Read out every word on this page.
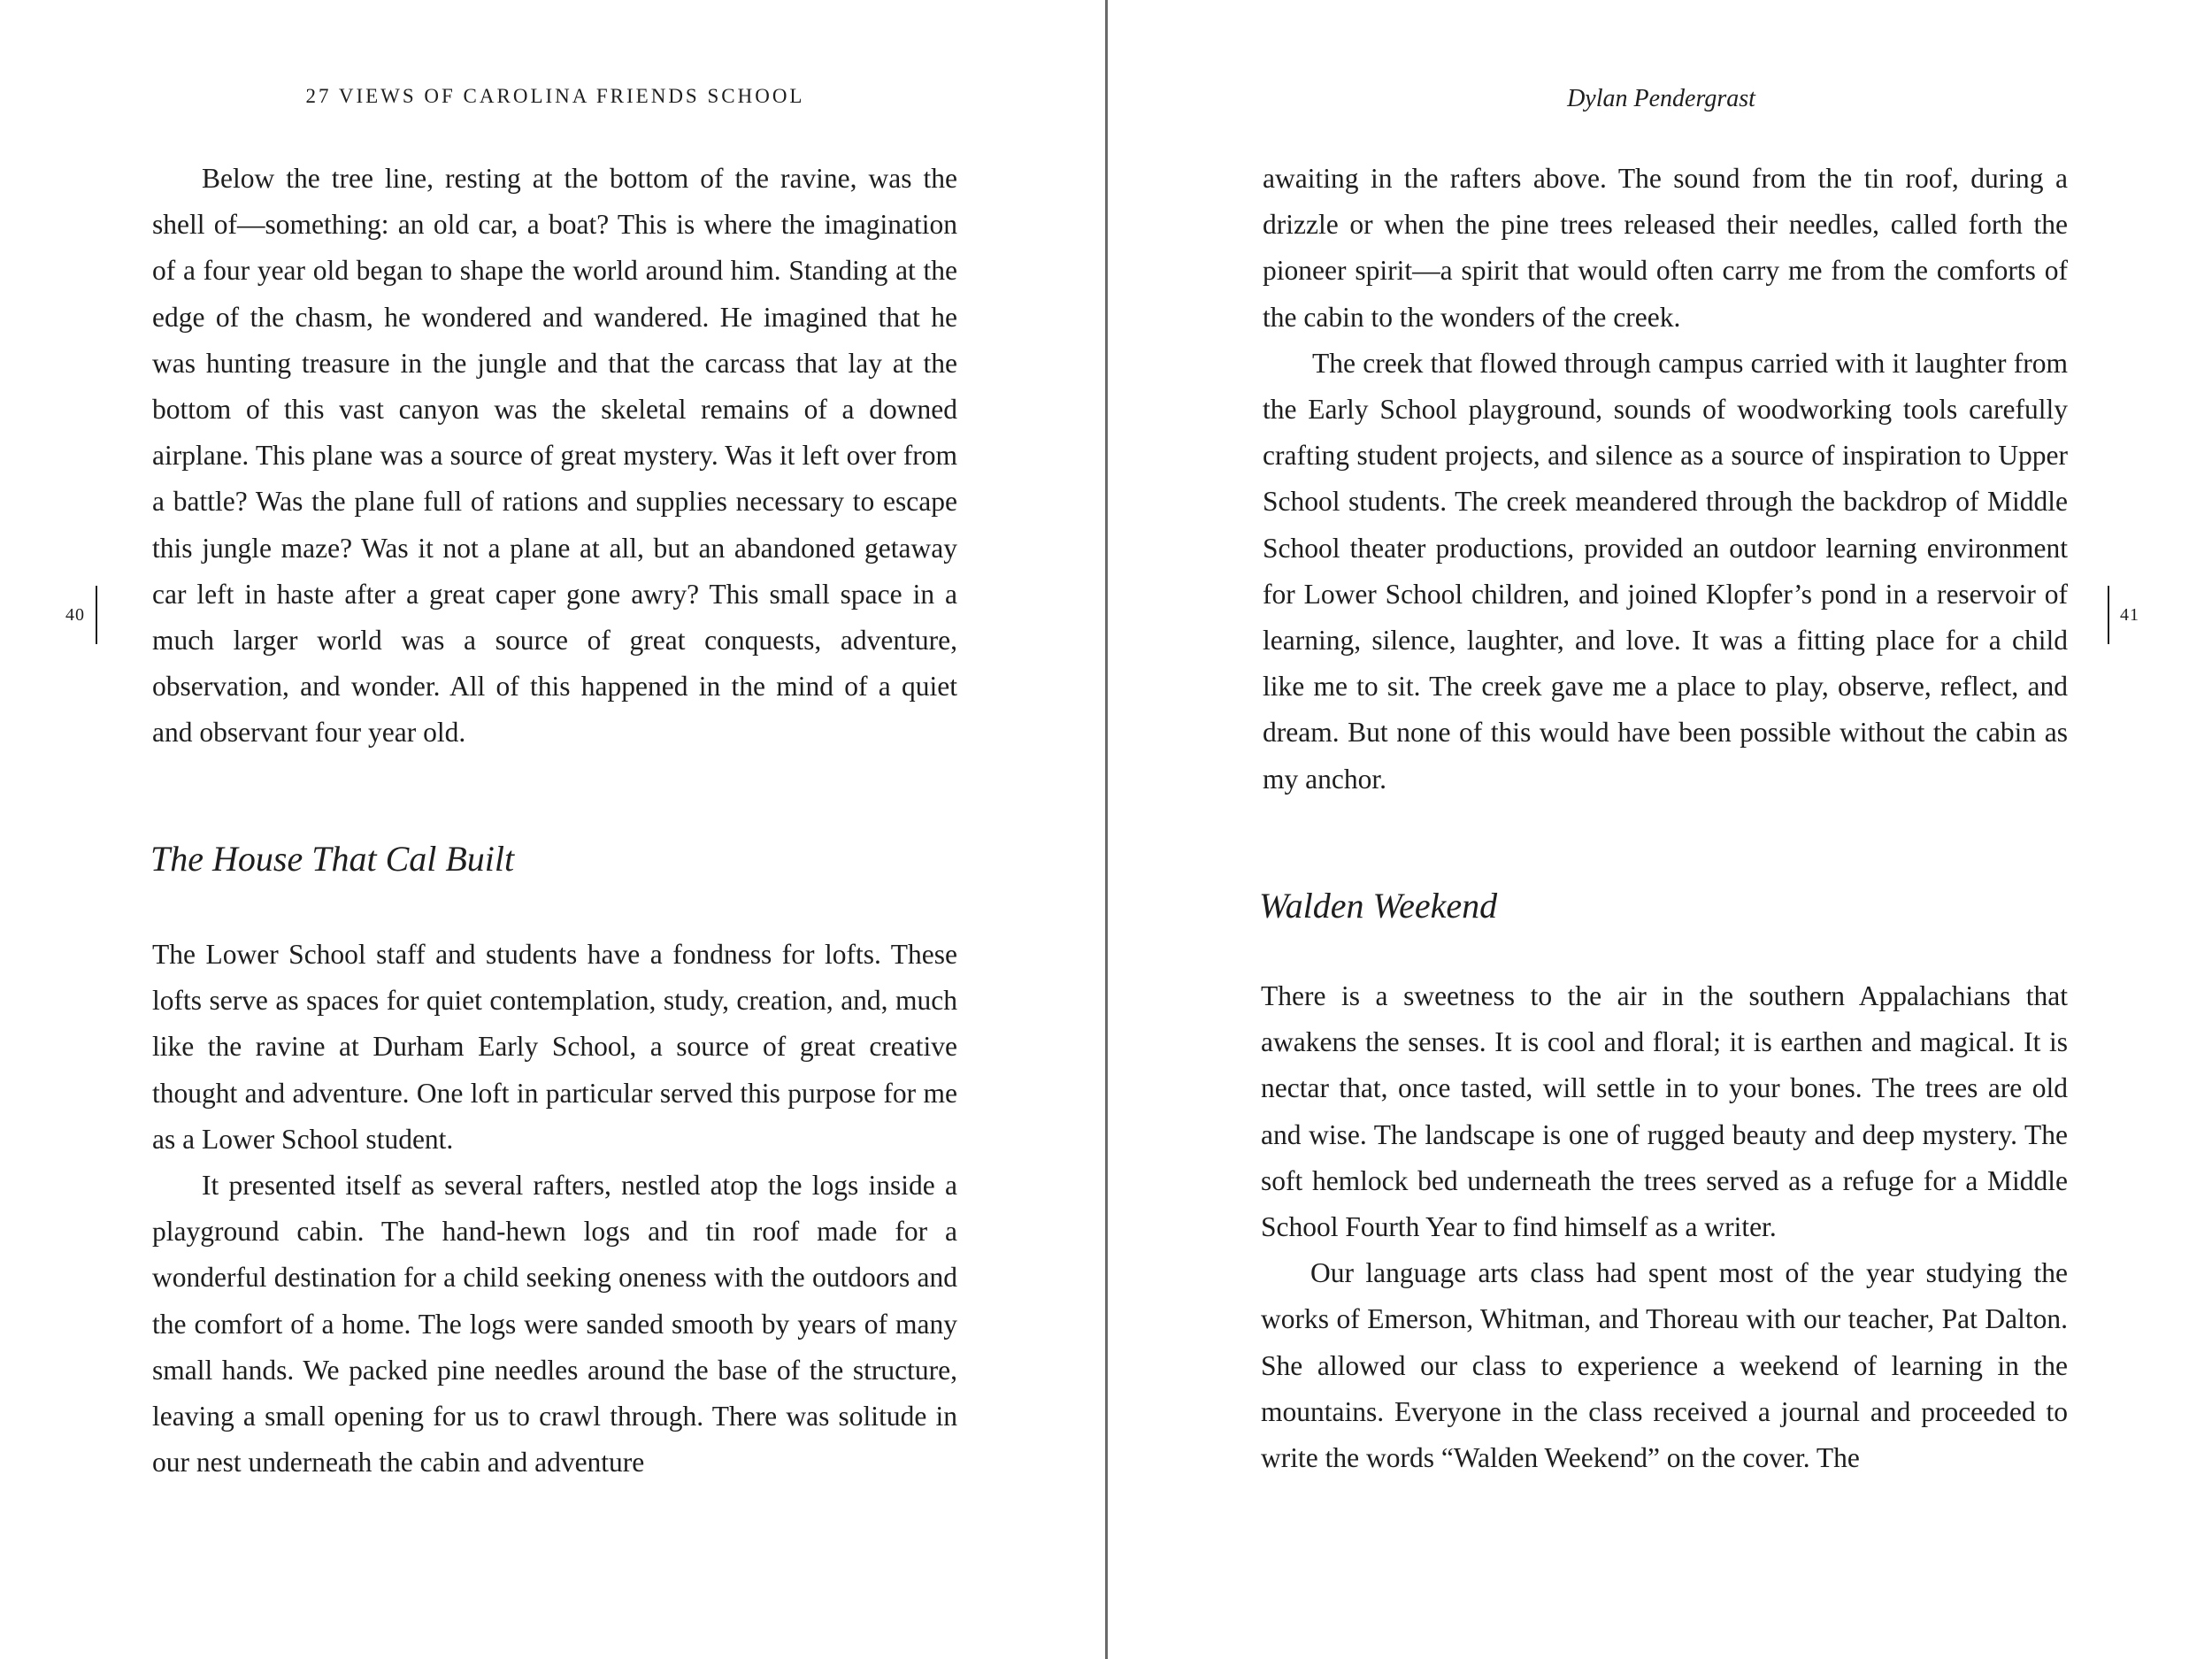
27 VIEWS OF CAROLINA FRIENDS SCHOOL
40

Below the tree line, resting at the bottom of the ravine, was the shell of—something: an old car, a boat? This is where the imagination of a four year old began to shape the world around him. Standing at the edge of the chasm, he wondered and wandered. He imagined that he was hunting treasure in the jungle and that the carcass that lay at the bottom of this vast canyon was the skeletal remains of a downed airplane. This plane was a source of great mystery. Was it left over from a battle? Was the plane full of rations and supplies necessary to escape this jungle maze? Was it not a plane at all, but an abandoned getaway car left in haste after a great caper gone awry? This small space in a much larger world was a source of great conquests, adventure, observation, and wonder. All of this happened in the mind of a quiet and observant four year old.

The House That Cal Built

The Lower School staff and students have a fondness for lofts. These lofts serve as spaces for quiet contemplation, study, creation, and, much like the ravine at Durham Early School, a source of great creative thought and adventure. One loft in particular served this purpose for me as a Lower School student.

It presented itself as several rafters, nestled atop the logs inside a playground cabin. The hand-hewn logs and tin roof made for a wonderful destination for a child seeking oneness with the outdoors and the comfort of a home. The logs were sanded smooth by years of many small hands. We packed pine needles around the base of the structure, leaving a small opening for us to crawl through. There was solitude in our nest underneath the cabin and adventure

Dylan Pendergrast
41

awaiting in the rafters above. The sound from the tin roof, during a drizzle or when the pine trees released their needles, called forth the pioneer spirit—a spirit that would often carry me from the comforts of the cabin to the wonders of the creek.

The creek that flowed through campus carried with it laughter from the Early School playground, sounds of woodworking tools carefully crafting student projects, and silence as a source of inspiration to Upper School students. The creek meandered through the backdrop of Middle School theater productions, provided an outdoor learning environment for Lower School children, and joined Klopfer’s pond in a reservoir of learning, silence, laughter, and love. It was a fitting place for a child like me to sit. The creek gave me a place to play, observe, reflect, and dream. But none of this would have been possible without the cabin as my anchor.

Walden Weekend

There is a sweetness to the air in the southern Appalachians that awakens the senses. It is cool and floral; it is earthen and magical. It is nectar that, once tasted, will settle in to your bones. The trees are old and wise. The landscape is one of rugged beauty and deep mystery. The soft hemlock bed underneath the trees served as a refuge for a Middle School Fourth Year to find himself as a writer.

Our language arts class had spent most of the year studying the works of Emerson, Whitman, and Thoreau with our teacher, Pat Dalton. She allowed our class to experience a weekend of learning in the mountains. Everyone in the class received a journal and proceeded to write the words “Walden Weekend” on the cover. The
